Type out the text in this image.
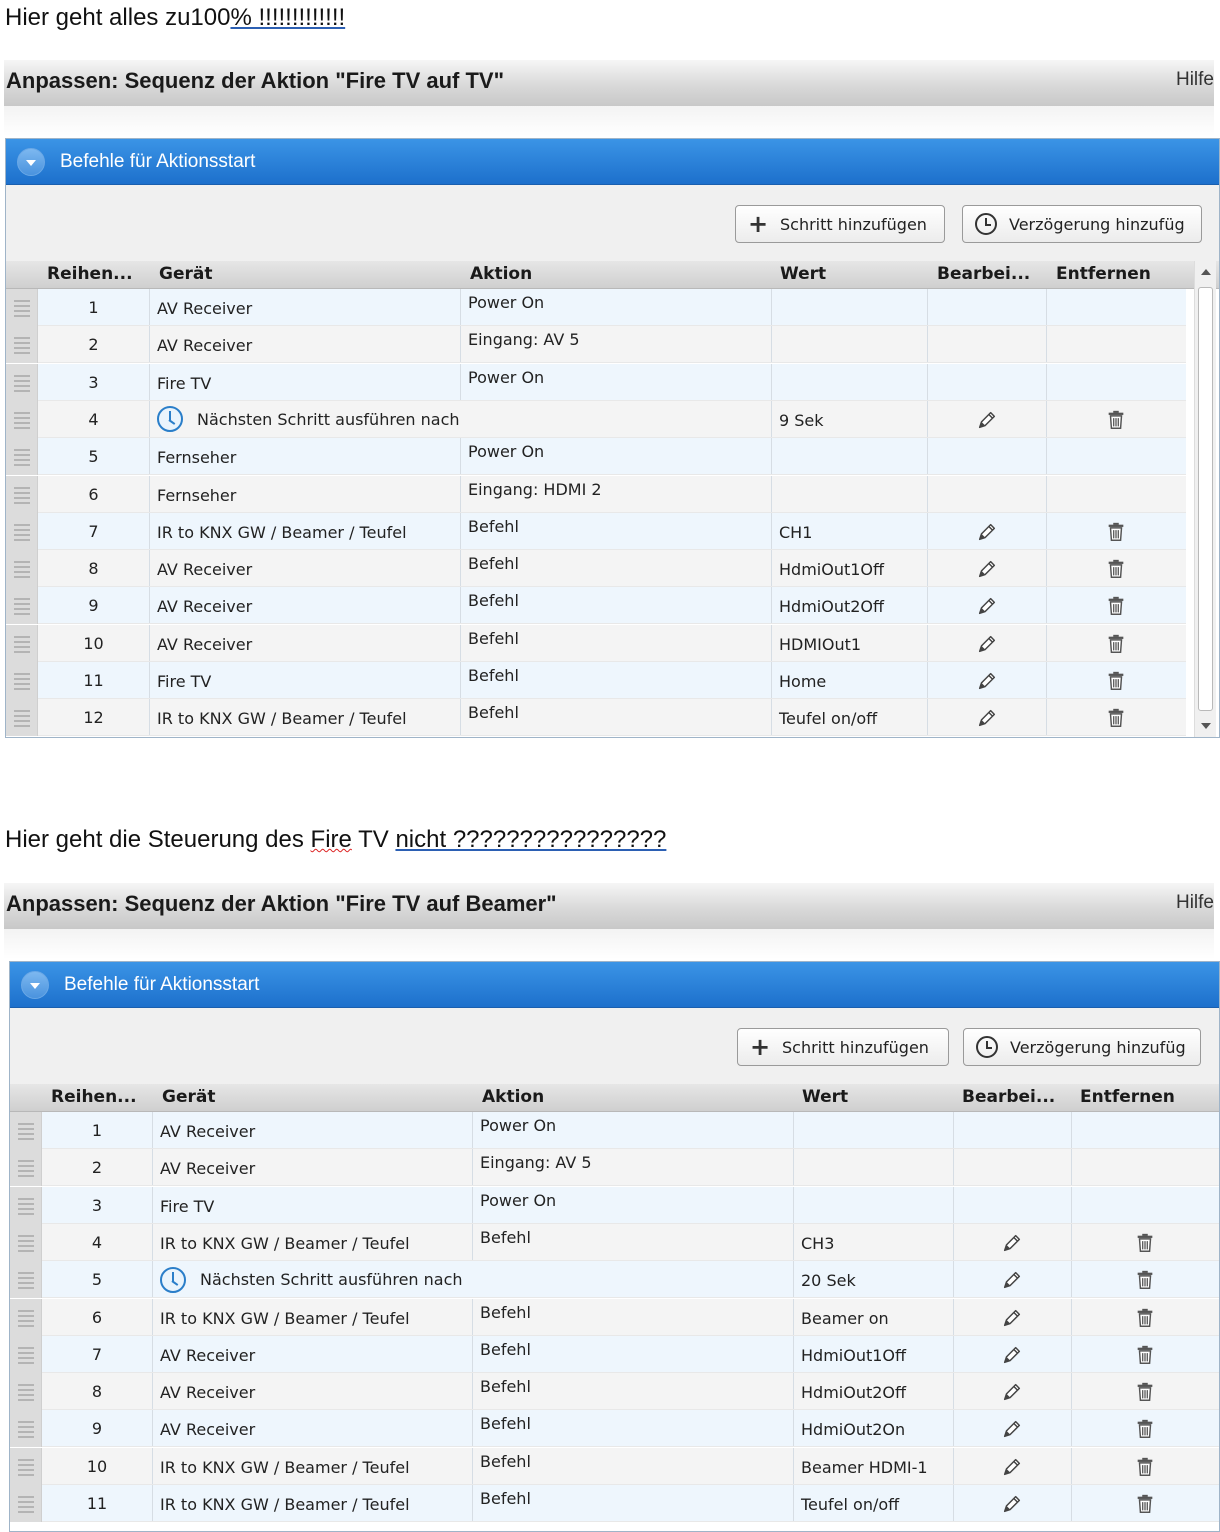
Hier geht alles zu100% !!!!!!!!!!!!!
Anpassen: Sequenz der Aktion "Fire TV auf TV"	Hilfe
Befehle für Aktionsstart
+ Schritt hinzufügen	Verzögerung hinzufüg
Reihen... Gerät	Aktion	Wert	Bearbei... Entfernen
1	AV Receiver	Power On
2	AV Receiver	Eingang: AV 5
3	Fire TV	Power On
4	Nächsten Schritt ausführen nach	9 Sek
5	Fernseher	Power On
6	Fernseher	Eingang: HDMI 2
7	IR to KNX GW / Beamer / Teufel	Befehl	CH1
8	AV Receiver	Befehl	HdmiOut1Off
9	AV Receiver	Befehl	HdmiOut2Off
10	AV Receiver	Befehl	HDMIOut1
11	Fire TV	Befehl	Home
12	IR to KNX GW / Beamer / Teufel	Befehl	Teufel on/off
Hier geht die Steuerung des Fire TV nicht ????????????????
Anpassen: Sequenz der Aktion "Fire TV auf Beamer"	Hilfe
Befehle für Aktionsstart
+ Schritt hinzufügen	Verzögerung hinzufüg
Reihen... Gerät	Aktion	Wert	Bearbei... Entfernen
1	AV Receiver	Power On
2	AV Receiver	Eingang: AV 5
3	Fire TV	Power On
4	IR to KNX GW / Beamer / Teufel	Befehl	CH3
5	Nächsten Schritt ausführen nach	20 Sek
6	IR to KNX GW / Beamer / Teufel	Befehl	Beamer on
7	AV Receiver	Befehl	HdmiOut1Off
8	AV Receiver	Befehl	HdmiOut2Off
9	AV Receiver	Befehl	HdmiOut2On
10	IR to KNX GW / Beamer / Teufel	Befehl	Beamer HDMI-1
11	IR to KNX GW / Beamer / Teufel	Befehl	Teufel on/off
